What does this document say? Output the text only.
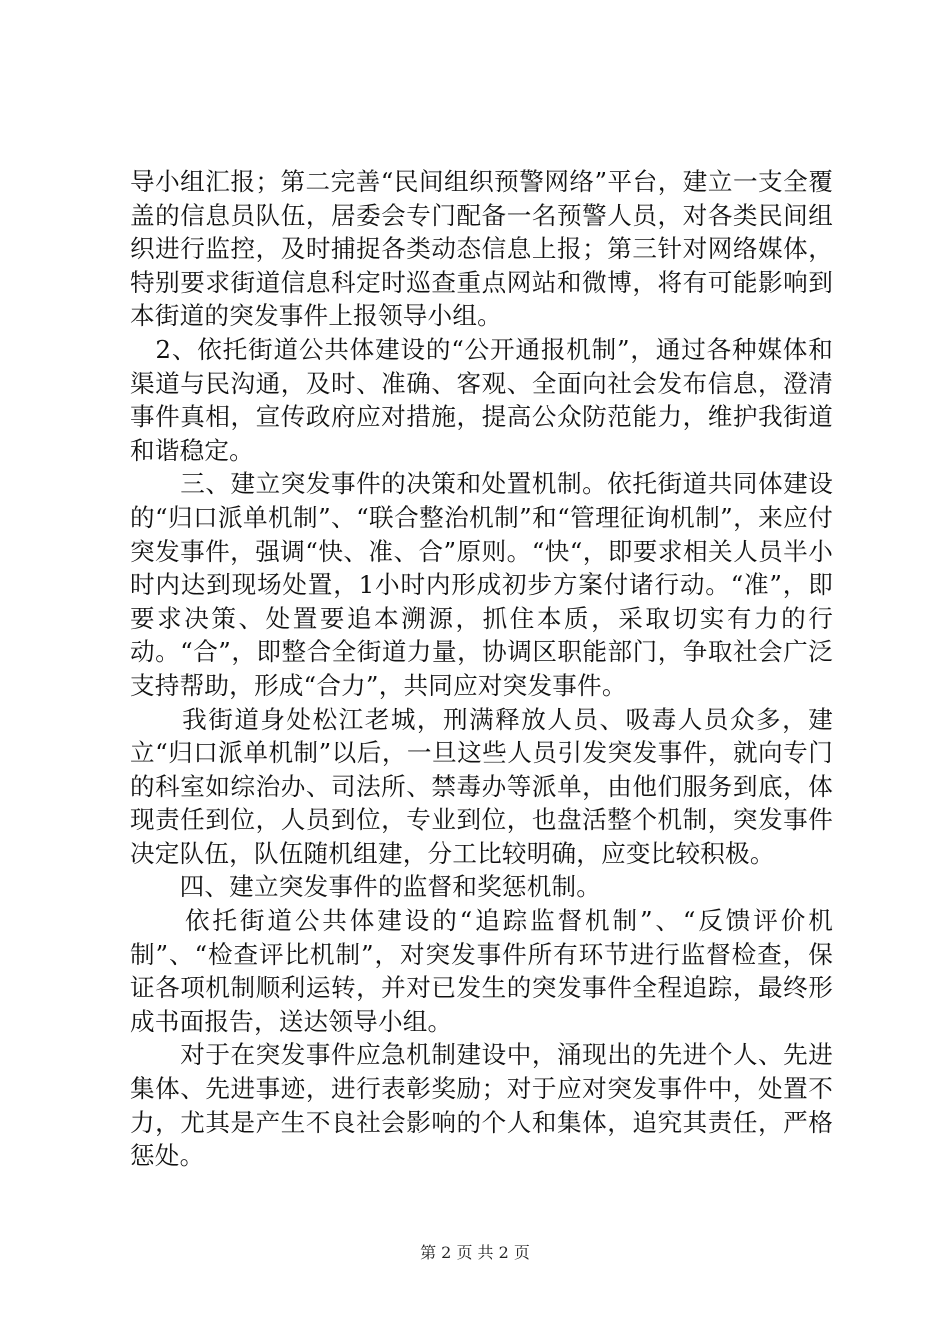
导小组汇报；第二完善“民间组织预警网络”平台，建立一支全覆盖的信息员队伍，居委会专门配备一名预警人员，对各类民间组织进行监控，及时捕捉各类动态信息上报；第三针对网络媒体，特别要求街道信息科定时巡查重点网站和微博，将有可能影响到本街道的突发事件上报领导小组。

　2、依托街道公共体建设的“公开通报机制”，通过各种媒体和渠道与民沟通，及时、准确、客观、全面向社会发布信息，澄清事件真相，宣传政府应对措施，提高公众防范能力，维护我街道和谐稳定。

　　三、建立突发事件的决策和处置机制。依托街道共同体建设的“归口派单机制”、“联合整治机制”和“管理征询机制”，来应付突发事件，强调“快、准、合”原则。“快“，即要求相关人员半小时内达到现场处置，1小时内形成初步方案付诸行动。“准”，即要求决策、处置要追本溯源，抓住本质，采取切实有力的行动。“合”，即整合全街道力量，协调区职能部门，争取社会广泛支持帮助，形成“合力”，共同应对突发事件。

　　我街道身处松江老城，刑满释放人员、吸毒人员众多，建立“归口派单机制”以后，一旦这些人员引发突发事件，就向专门的科室如综治办、司法所、禁毒办等派单，由他们服务到底，体现责任到位，人员到位，专业到位，也盘活整个机制，突发事件决定队伍，队伍随机组建，分工比较明确，应变比较积极。

　　四、建立突发事件的监督和奖惩机制。

　　依托街道公共体建设的“追踪监督机制”、“反馈评价机制”、“检查评比机制”，对突发事件所有环节进行监督检查，保证各项机制顺利运转，并对已发生的突发事件全程追踪，最终形成书面报告，送达领导小组。

　　对于在突发事件应急机制建设中，涌现出的先进个人、先进集体、先进事迹，进行表彰奖励；对于应对突发事件中，处置不力，尤其是产生不良社会影响的个人和集体，追究其责任，严格惩处。

第 2 页 共 2 页
